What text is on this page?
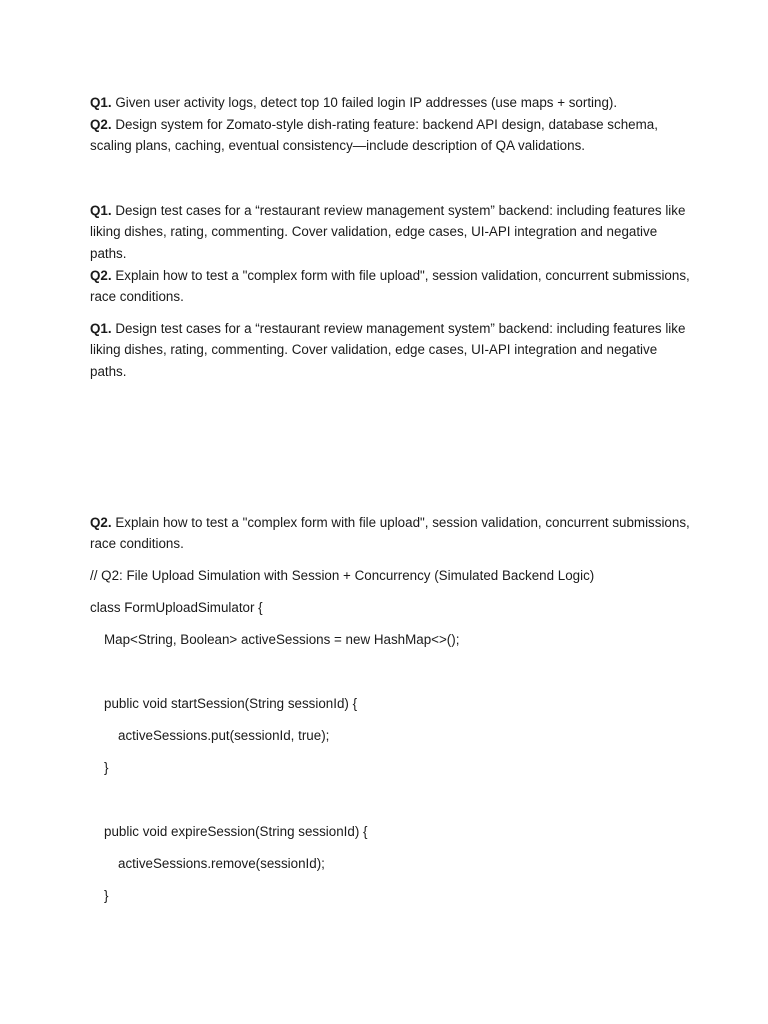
Q1. Given user activity logs, detect top 10 failed login IP addresses (use maps + sorting).

Q2. Design system for Zomato-style dish-rating feature: backend API design, database schema, scaling plans, caching, eventual consistency—include description of QA validations.

Q1. Design test cases for a “restaurant review management system” backend: including features like liking dishes, rating, commenting. Cover validation, edge cases, UI-API integration and negative paths.

Q2. Explain how to test a "complex form with file upload", session validation, concurrent submissions, race conditions.

Q1. Design test cases for a “restaurant review management system” backend: including features like liking dishes, rating, commenting. Cover validation, edge cases, UI-API integration and negative paths.

Q2. Explain how to test a "complex form with file upload", session validation, concurrent submissions, race conditions.

// Q2: File Upload Simulation with Session + Concurrency (Simulated Backend Logic)

class FormUploadSimulator {

Map<String, Boolean> activeSessions = new HashMap<>();

public void startSession(String sessionId) {

activeSessions.put(sessionId, true);

}

public void expireSession(String sessionId) {

activeSessions.remove(sessionId);

}
